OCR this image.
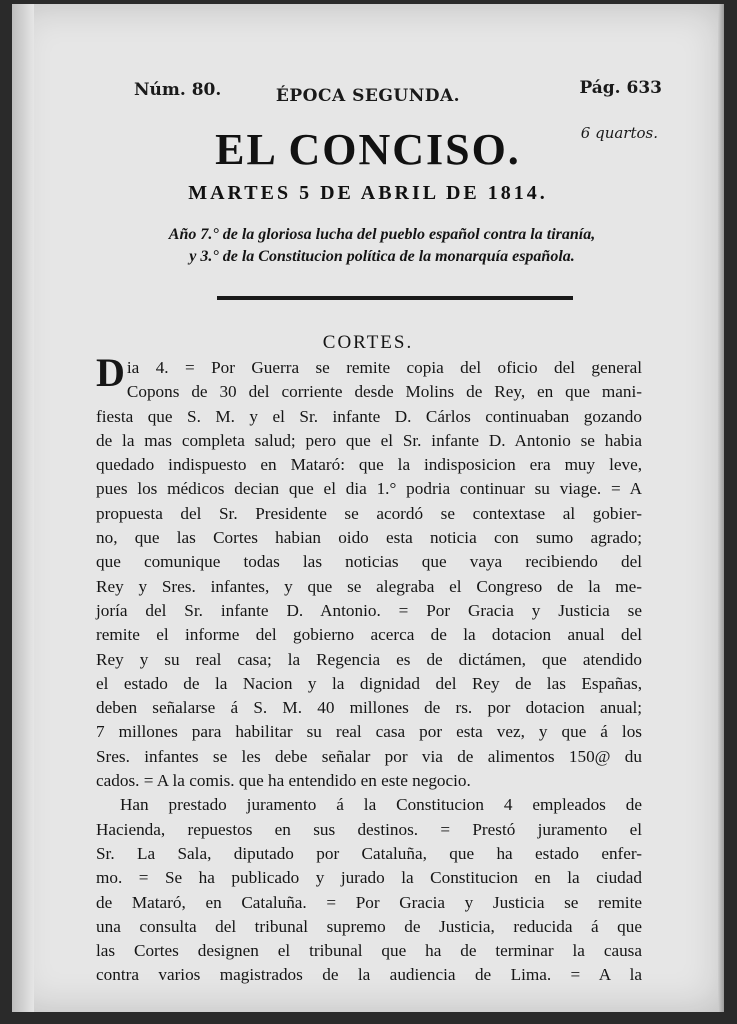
Núm. 80.	ÉPOCA SEGUNDA.	Pág. 633
6 quartos.
EL CONCISO.
MARTES 5 DE ABRIL DE 1814.
Año 7.° de la gloriosa lucha del pueblo español contra la tiranía,
y 3.° de la Constitucion política de la monarquía española.
CORTES.
Dia 4. = Por Guerra se remite copia del oficio del general
Copons de 30 del corriente desde Molins de Rey, en que mani-
fiesta que S. M. y el Sr. infante D. Cárlos continuaban gozando
de la mas completa salud; pero que el Sr. infante D. Antonio se habia
quedado indispuesto en Mataró: que la indisposicion era muy leve,
pues los médicos decian que el dia 1.° podria continuar su viage. = A
propuesta del Sr. Presidente se acordó se contextase al gobier-
no, que las Cortes habian oido esta noticia con sumo agrado;
que comunique todas las noticias que vaya recibiendo del
Rey y Sres. infantes, y que se alegraba el Congreso de la me-
joría del Sr. infante D. Antonio. = Por Gracia y Justicia se
remite el informe del gobierno acerca de la dotacion anual del
Rey y su real casa; la Regencia es de dictámen, que atendido
el estado de la Nacion y la dignidad del Rey de las Españas,
deben señalarse á S. M. 40 millones de rs. por dotacion anual;
7 millones para habilitar su real casa por esta vez, y que á los
Sres. infantes se les debe señalar por via de alimentos 150@ du
cados. = A la comis. que ha entendido en este negocio.
Han prestado juramento á la Constitucion 4 empleados de
Hacienda, repuestos en sus destinos. = Prestó juramento el
Sr. La Sala, diputado por Cataluña, que ha estado enfer-
mo. = Se ha publicado y jurado la Constitucion en la ciudad
de Mataró, en Cataluña. = Por Gracia y Justicia se remite
una consulta del tribunal supremo de Justicia, reducida á que
las Cortes designen el tribunal que ha de terminar la causa
contra varios magistrados de la audiencia de Lima. = A la
